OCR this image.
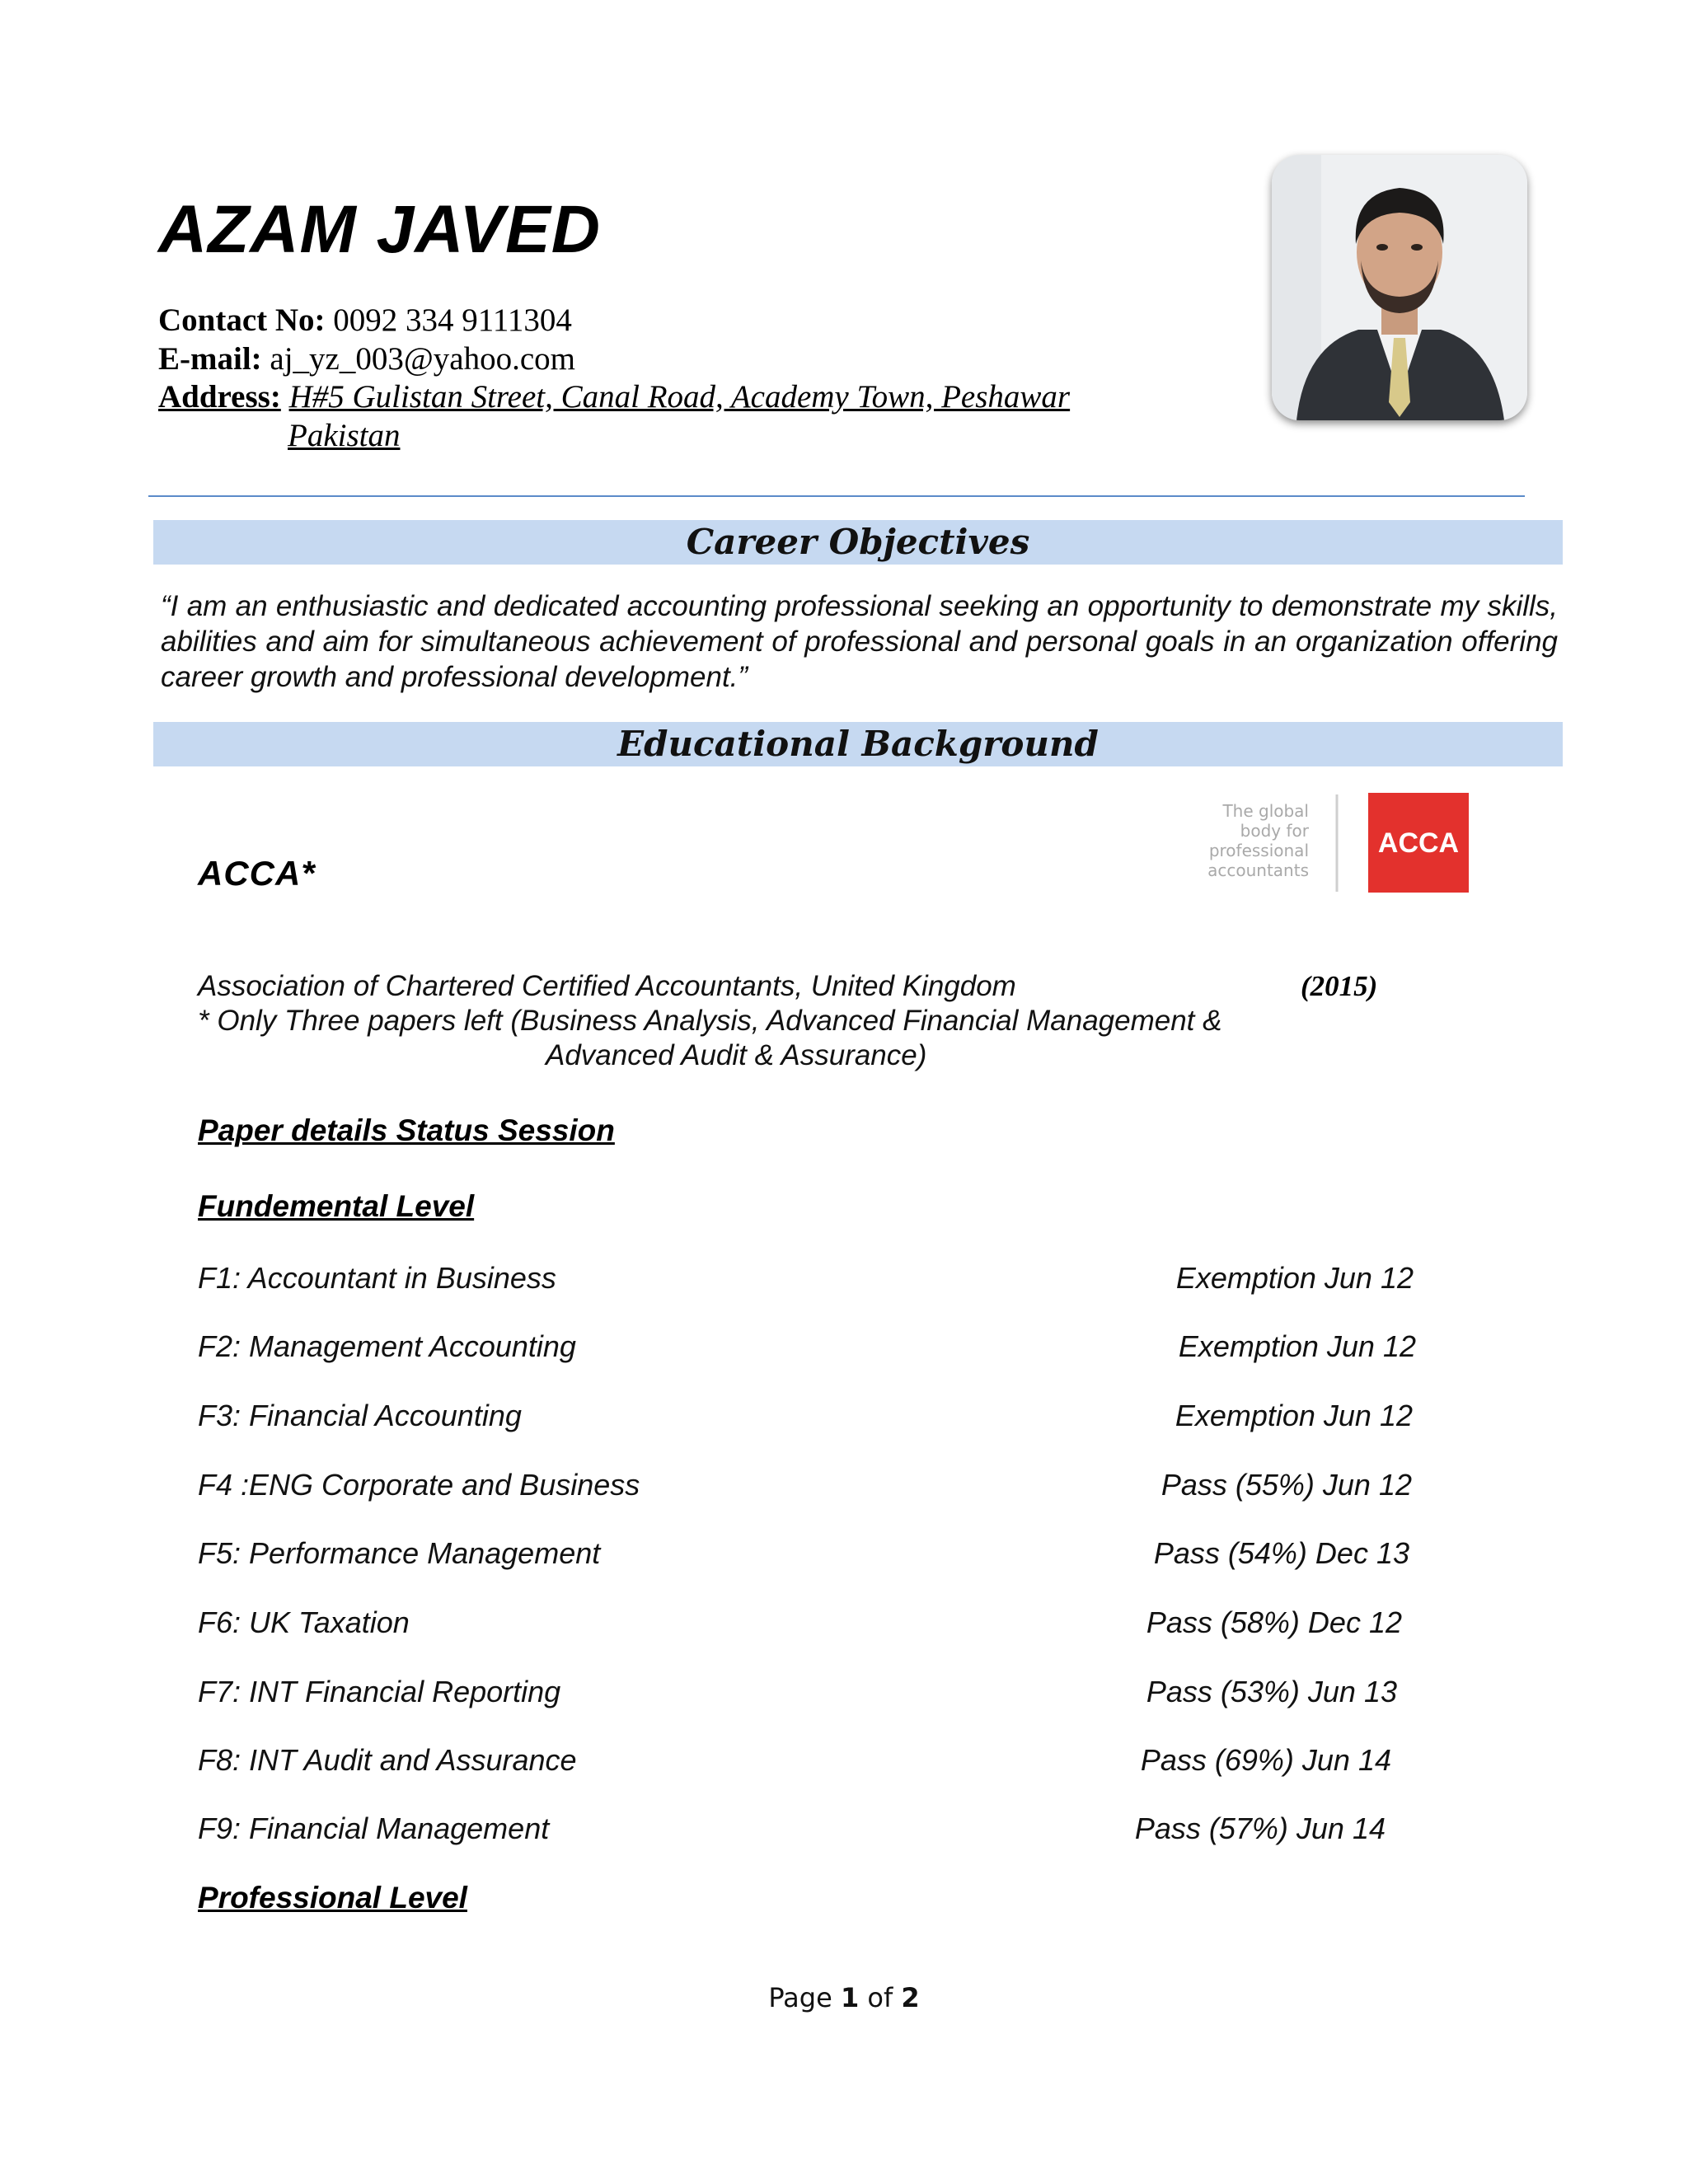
AZAM JAVED
Contact No: 0092 334 9111304
E-mail: aj_yz_003@yahoo.com
Address: H#5 Gulistan Street, Canal Road, Academy Town, Peshawar
Pakistan
Career Objectives
“I am an enthusiastic and dedicated accounting professional seeking an opportunity to demonstrate my skills, abilities and aim for simultaneous achievement of professional and personal goals in an organization offering career growth and professional development.”
Educational Background
The global
body for
professional
accountants
ACCA
ACCA*
Association of Chartered Certified Accountants, United Kingdom	(2015)
* Only Three papers left (Business Analysis, Advanced Financial Management &
Advanced Audit & Assurance)
Paper details Status Session
Fundemental Level
F1: Accountant in Business	Exemption Jun 12
F2: Management Accounting	Exemption Jun 12
F3: Financial Accounting	Exemption Jun 12
F4 :ENG Corporate and Business	Pass (55%) Jun 12
F5: Performance Management	Pass (54%) Dec 13
F6: UK Taxation	Pass (58%) Dec 12
F7: INT Financial Reporting	Pass (53%) Jun 13
F8: INT Audit and Assurance	Pass (69%) Jun 14
F9: Financial Management	Pass (57%) Jun 14
Professional Level
Page 1 of 2
